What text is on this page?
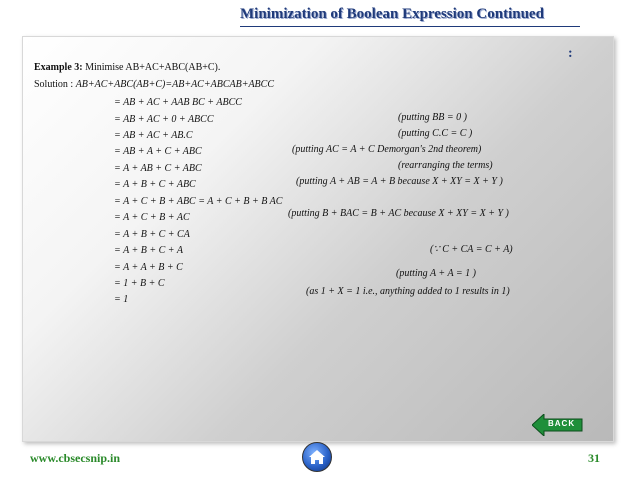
Minimization of Boolean Expression Continued
:
Example 3: Minimise AB+AC+ABC(AB+C).
Solution : AB+AC+ABC(AB+C)=AB+AC+ABCAB+ABCC
= AB + AC + AAB BC + ABCC
= AB + AC + 0 + ABCC
= AB + AC + AB.C
= AB + A + C + ABC
= A + AB + C + ABC
= A + B + C + ABC
= A + C + B + ABC = A + C + B + B AC
= A + C + B + AC
= A + B + C + CA
= A + B + C + A
= A + A + B + C
= 1 + B + C
= 1
(putting BB = 0 )
(putting C.C = C )
(putting AC = A + C Demorgan's 2nd theorem)
(rearranging the terms)
(putting A + AB = A + B because X + XY = X + Y )
(putting B + BAC = B + AC because X + XY = X + Y )
(∵ C + CA = C + A)
(putting A + A = 1 )
(as 1 + X = 1 i.e., anything added to 1 results in 1)
BACK
www.cbsecsnip.in	31
